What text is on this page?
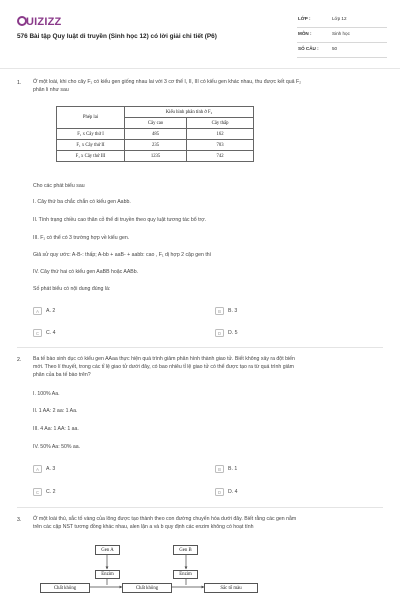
UIZIZZ
576 Bài tập Quy luật di truyền (Sinh học 12) có lời giải chi tiết (P6)
LỚP :	Lớp 12
MÔN :	Sinh học
SỐ CÂU :	50
1. Ở một loài, khi cho cây F₁ có kiểu gen giống nhau lai với 3 cơ thể I, II, III có kiểu gen khác nhau, thu được kết quả F₂
phân li như sau
Phép lai	Kiểu hình phân tính ở F₂	
	Cây cao	Cây thấp
F₁ x Cây thứ I	485	162
F₁ x Cây thứ II	235	703
F₁ x Cây thứ III	1235	742
Cho các phát biểu sau
I. Cây thứ ba chắc chắn có kiểu gen Aabb.
II. Tính trạng chiều cao thân cỏ thể di truyền theo quy luật tương tác bổ trợ.
III. F₁ có thể có 3 trường hợp về kiểu gen.
Giả sử quy ước: A-B-: thấp; A-bb + aaB- + aabb: cao , F₁ dị hợp 2 cặp gen thì
IV. Cây thứ hai có kiểu gen AaBB hoặc AABb.
Số phát biểu có nội dung đúng là:
A	A. 2	B	B. 3
C	C. 4	D	D. 5
2. Ba tế bào sinh dục có kiểu gen AAaa thực hiện quá trình giảm phân hình thành giao tử. Biết không xảy ra đột biến
mới. Theo lí thuyết, trong các tỉ lệ giao tử dưới đây, có bao nhiêu tỉ lệ giao tử có thể được tạo ra từ quá trình giảm
phân của ba tế bào trên?
I. 100% Aa.
II. 1 AA: 2 aa: 1 Aa.
III. 4 Aa: 1 AA: 1 aa.
IV. 50% Aa: 50% aa.
A	A. 3	B	B. 1
C	C. 2	D	D. 4
3. Ở một loài thú, sắc tố vàng của lông được tạo thành theo con đường chuyển hóa dưới đây. Biết rằng các gen nằm
trên các cặp NST tương đồng khác nhau, alen lặn a và b quy định các enzim không có hoạt tính
Gen A	Gen B
Enzim	Enzim
Chất không	Chất không	Sắc tố màu
